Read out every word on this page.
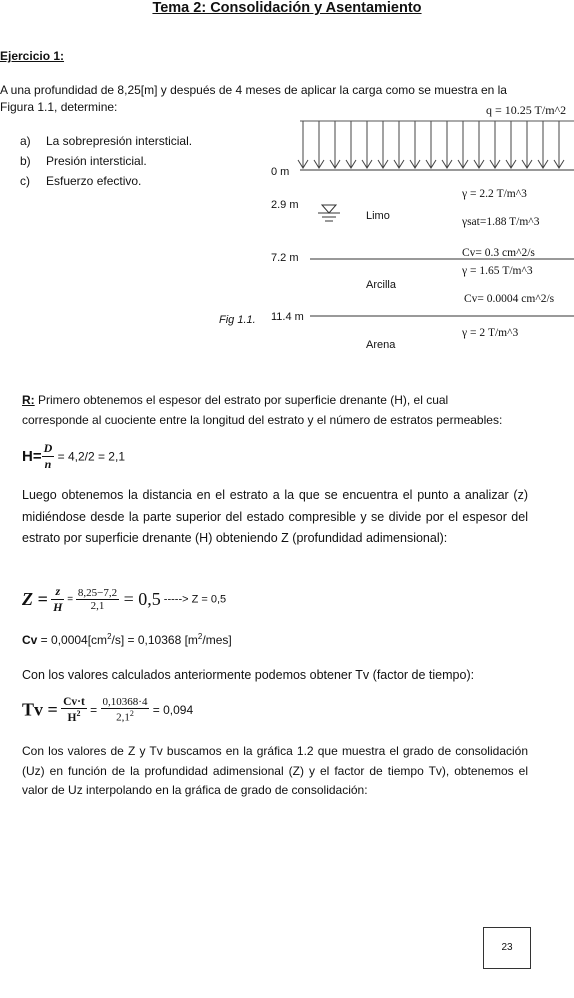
Tema 2: Consolidación y Asentamiento
Ejercicio 1:
A una profundidad de 8,25[m] y después de 4 meses de aplicar la carga como se muestra en la
Figura 1.1, determine:
a) La sobrepresión intersticial.
b) Presión intersticial.
c) Esfuerzo efectivo.
q = 10.25 T/m^2
0 m
2.9 m
7.2 m
11.4 m
Limo
Arcilla
Arena
γ = 2.2 T/m^3
γsat=1.88 T/m^3
Cv= 0.3 cm^2/s
γ = 1.65 T/m^3
Cv= 0.0004 cm^2/s
γ = 2 T/m^3
Fig 1.1.
R: Primero obtenemos el espesor del estrato por superficie drenante (H), el cual
corresponde al cuociente entre la longitud del estrato y el número de estratos permeables:
$H= \frac{D}{n} = 4,2/2 = 2,1$
Luego obtenemos la distancia en el estrato a la que se encuentra el punto a analizar (z) midiéndose desde la parte superior del estado compresible y se divide por el espesor del estrato por superficie drenante (H) obteniendo Z (profundidad adimensional):
$Z = \frac{z}{H} = \frac{8,25-7,2}{2,1} = 0,5$ -----> Z = 0,5
$Cv = 0,0004[cm^2/s] = 0,10368$ $[m^2/mes]$
Con los valores calculados anteriormente podemos obtener Tv (factor de tiempo):
$Tv = \frac{Cv\cdot t}{H^2} = \frac{0,10368\cdot 4}{2,1^2} = 0,094$
Con los valores de Z y Tv buscamos en la gráfica 1.2 que muestra el grado de consolidación (Uz) en función de la profundidad adimensional (Z) y el factor de tiempo Tv), obtenemos el valor de Uz interpolando en la gráfica de grado de consolidación:
23
